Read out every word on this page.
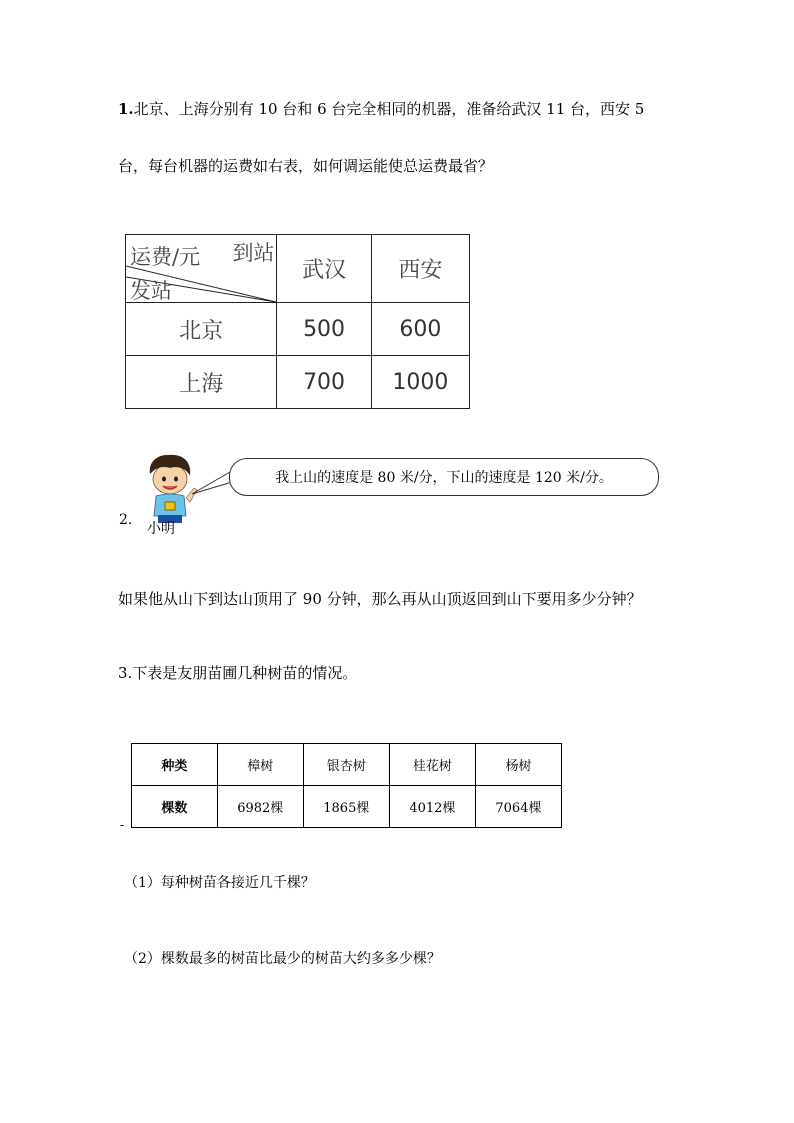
1.北京、上海分别有 10 台和 6 台完全相同的机器，准备给武汉 11 台，西安 5
台，每台机器的运费如右表，如何调运能使总运费最省？
运费/元 到站
发站	武汉	西安
北京	500	600
上海	700	1000
我上山的速度是 80 米/分，下山的速度是 120 米/分。
2.
小明
如果他从山下到达山顶用了 90 分钟，那么再从山顶返回到山下要用多少分钟？
3.下表是友朋苗圃几种树苗的情况。
种类	樟树	银杏树	桂花树	杨树
棵数	6982棵	1865棵	4012棵	7064棵
-
（1）每种树苗各接近几千棵？
（2）棵数最多的树苗比最少的树苗大约多多少棵？
